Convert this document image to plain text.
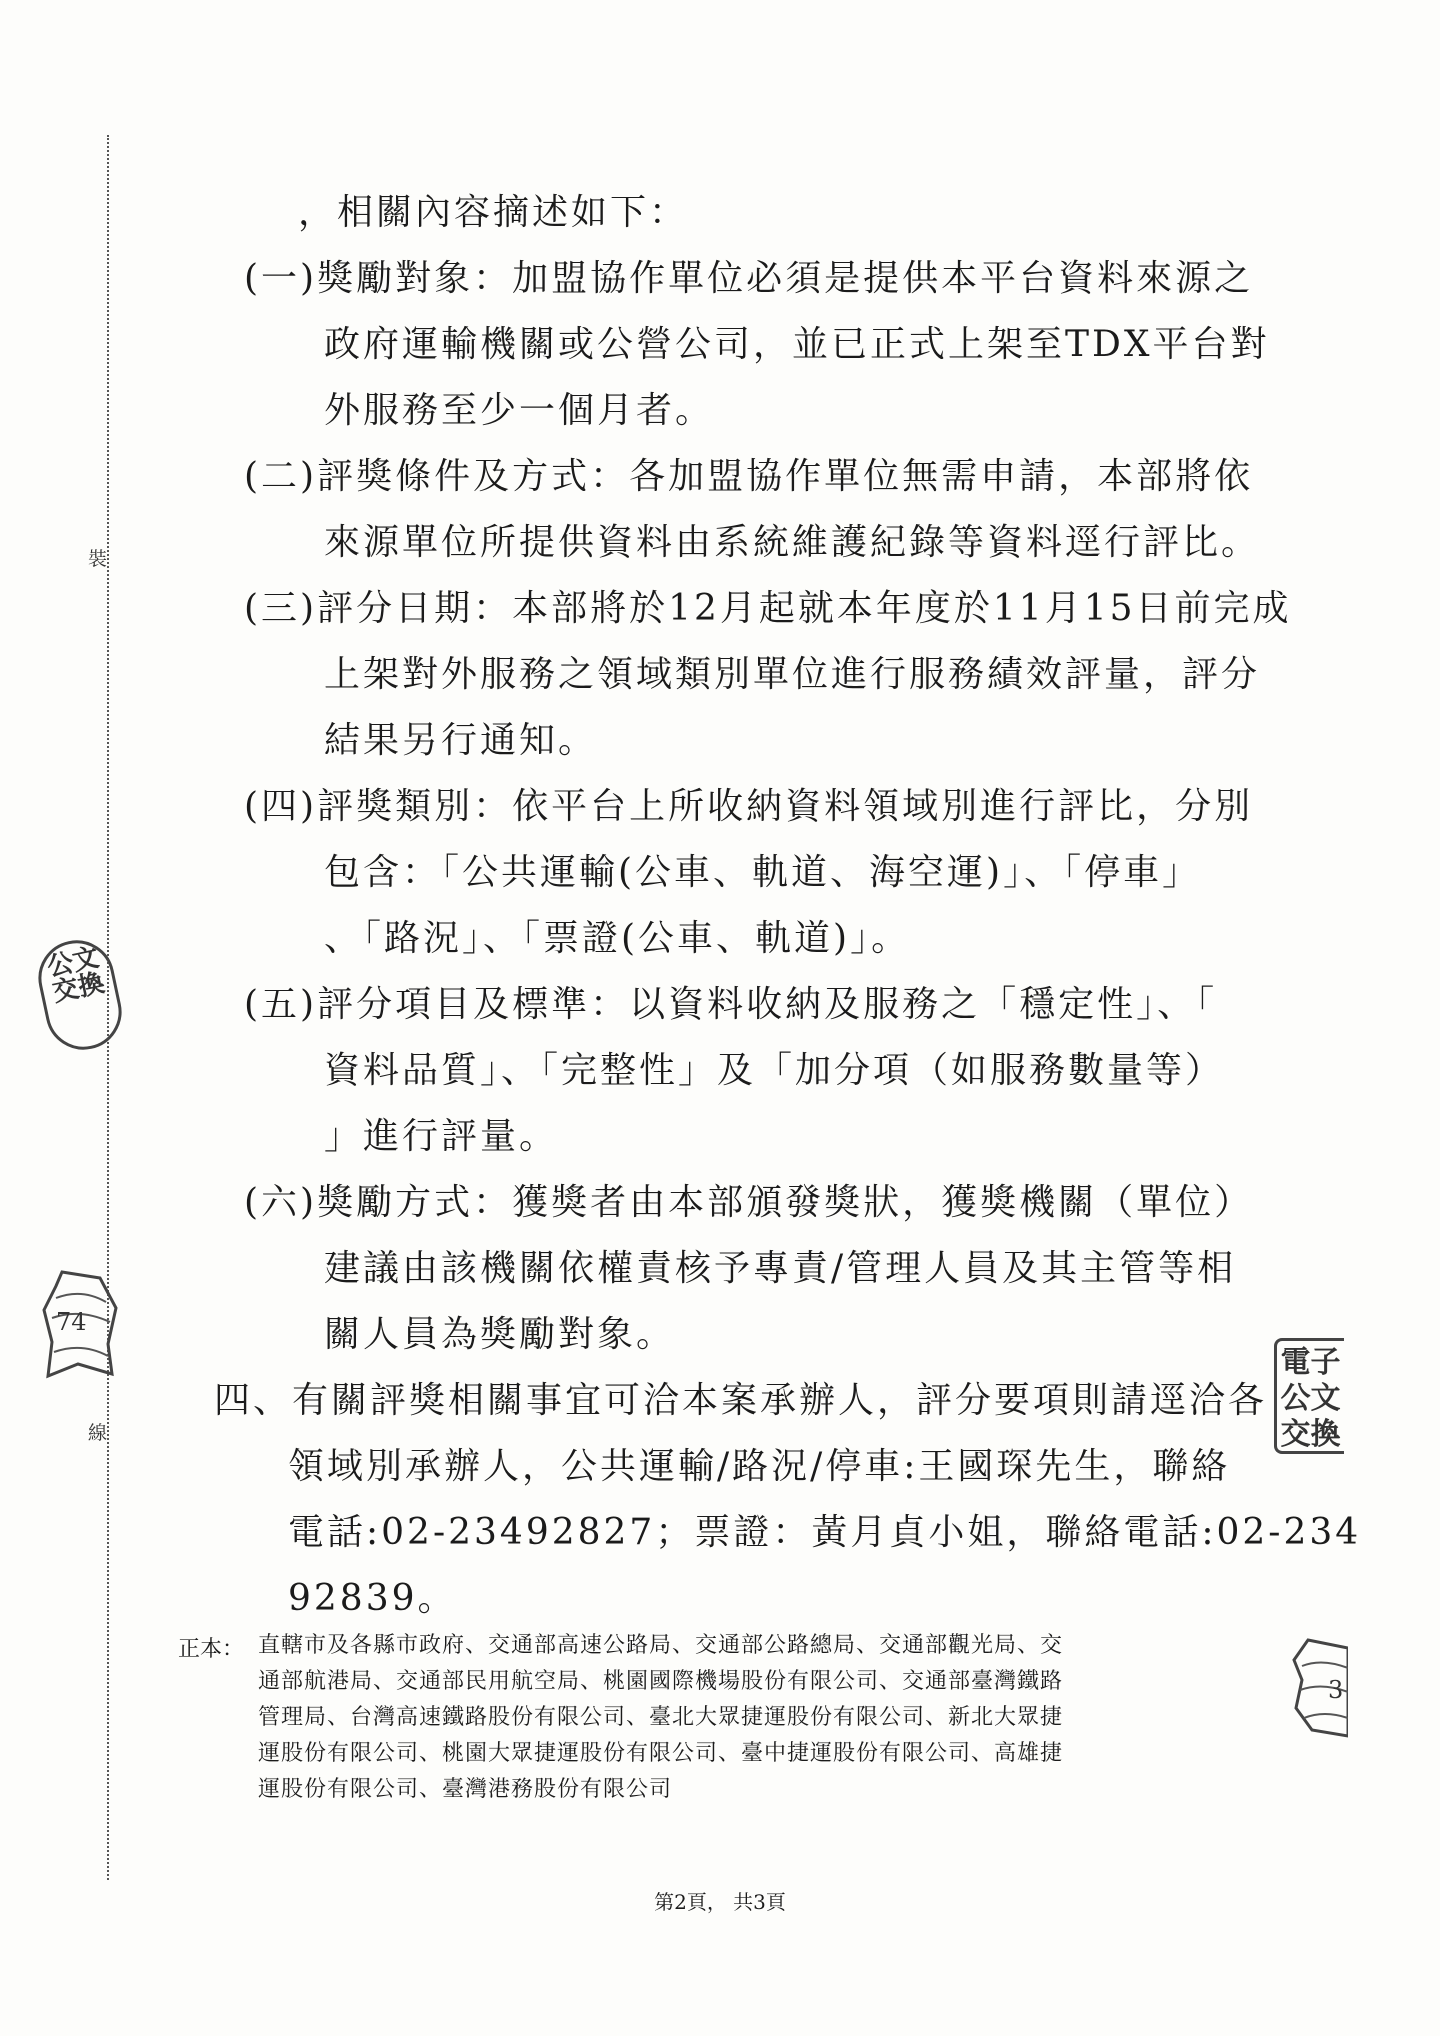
裝
線
公文交換
74
電子公文交換
3
，相關內容摘述如下：
(一)獎勵對象：加盟協作單位必須是提供本平台資料來源之
政府運輸機關或公營公司，並已正式上架至TDX平台對
外服務至少一個月者。
(二)評獎條件及方式：各加盟協作單位無需申請，本部將依
來源單位所提供資料由系統維護紀錄等資料逕行評比。
(三)評分日期：本部將於12月起就本年度於11月15日前完成
上架對外服務之領域類別單位進行服務績效評量，評分
結果另行通知。
(四)評獎類別：依平台上所收納資料領域別進行評比，分別
包含：「公共運輸(公車、軌道、海空運)」、「停車」
、「路況」、「票證(公車、軌道)」。
(五)評分項目及標準：以資料收納及服務之「穩定性」、「
資料品質」、「完整性」及「加分項（如服務數量等）
」進行評量。
(六)獎勵方式：獲獎者由本部頒發獎狀，獲獎機關（單位）
建議由該機關依權責核予專責/管理人員及其主管等相
關人員為獎勵對象。
四、有關評獎相關事宜可洽本案承辦人，評分要項則請逕洽各
領域別承辦人，公共運輸/路況/停車:王國琛先生，聯絡
電話:02-23492827；票證：黃月貞小姐，聯絡電話:02-234
92839。
正本： 直轄市及各縣市政府、交通部高速公路局、交通部公路總局、交通部觀光局、交
通部航港局、交通部民用航空局、桃園國際機場股份有限公司、交通部臺灣鐵路
管理局、台灣高速鐵路股份有限公司、臺北大眾捷運股份有限公司、新北大眾捷
運股份有限公司、桃園大眾捷運股份有限公司、臺中捷運股份有限公司、高雄捷
運股份有限公司、臺灣港務股份有限公司
第2頁， 共3頁
